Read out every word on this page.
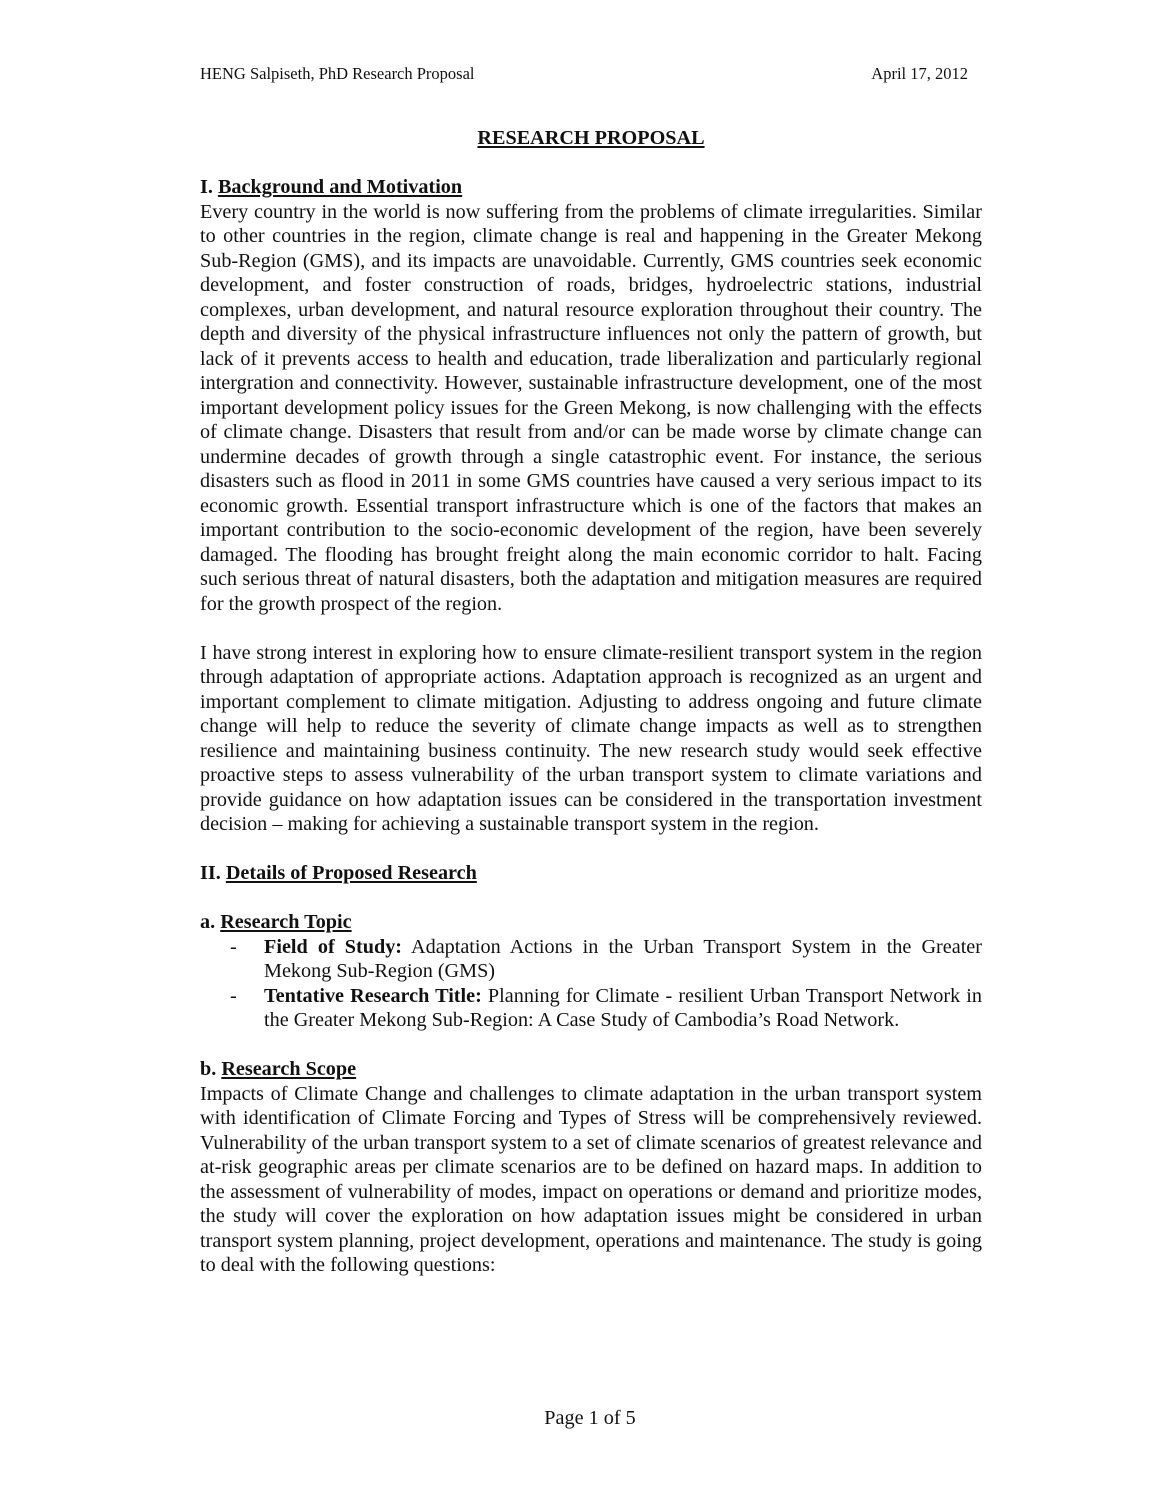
HENG Salpiseth, PhD Research Proposal	April 17, 2012
RESEARCH PROPOSAL

I. Background and Motivation

Every country in the world is now suffering from the problems of climate irregularities. Similar to other countries in the region, climate change is real and happening in the Greater Mekong Sub-Region (GMS), and its impacts are unavoidable. Currently, GMS countries seek economic development, and foster construction of roads, bridges, hydroelectric stations, industrial complexes, urban development, and natural resource exploration throughout their country. The depth and diversity of the physical infrastructure influences not only the pattern of growth, but lack of it prevents access to health and education, trade liberalization and particularly regional intergration and connectivity. However, sustainable infrastructure development, one of the most important development policy issues for the Green Mekong, is now challenging with the effects of climate change. Disasters that result from and/or can be made worse by climate change can undermine decades of growth through a single catastrophic event. For instance, the serious disasters such as flood in 2011 in some GMS countries have caused a very serious impact to its economic growth. Essential transport infrastructure which is one of the factors that makes an important contribution to the socio-economic development of the region, have been severely damaged. The flooding has brought freight along the main economic corridor to halt. Facing such serious threat of natural disasters, both the adaptation and mitigation measures are required for the growth prospect of the region.

I have strong interest in exploring how to ensure climate-resilient transport system in the region through adaptation of appropriate actions. Adaptation approach is recognized as an urgent and important complement to climate mitigation. Adjusting to address ongoing and future climate change will help to reduce the severity of climate change impacts as well as to strengthen resilience and maintaining business continuity. The new research study would seek effective proactive steps to assess vulnerability of the urban transport system to climate variations and provide guidance on how adaptation issues can be considered in the transportation investment decision – making for achieving a sustainable transport system in the region.

II. Details of Proposed Research

a. Research Topic

- Field of Study: Adaptation Actions in the Urban Transport System in the Greater Mekong Sub-Region (GMS)
- Tentative Research Title: Planning for Climate - resilient Urban Transport Network in the Greater Mekong Sub-Region: A Case Study of Cambodia’s Road Network.

b. Research Scope

Impacts of Climate Change and challenges to climate adaptation in the urban transport system with identification of Climate Forcing and Types of Stress will be comprehensively reviewed. Vulnerability of the urban transport system to a set of climate scenarios of greatest relevance and at-risk geographic areas per climate scenarios are to be defined on hazard maps. In addition to the assessment of vulnerability of modes, impact on operations or demand and prioritize modes, the study will cover the exploration on how adaptation issues might be considered in urban transport system planning, project development, operations and maintenance. The study is going to deal with the following questions:

Page 1 of 5
